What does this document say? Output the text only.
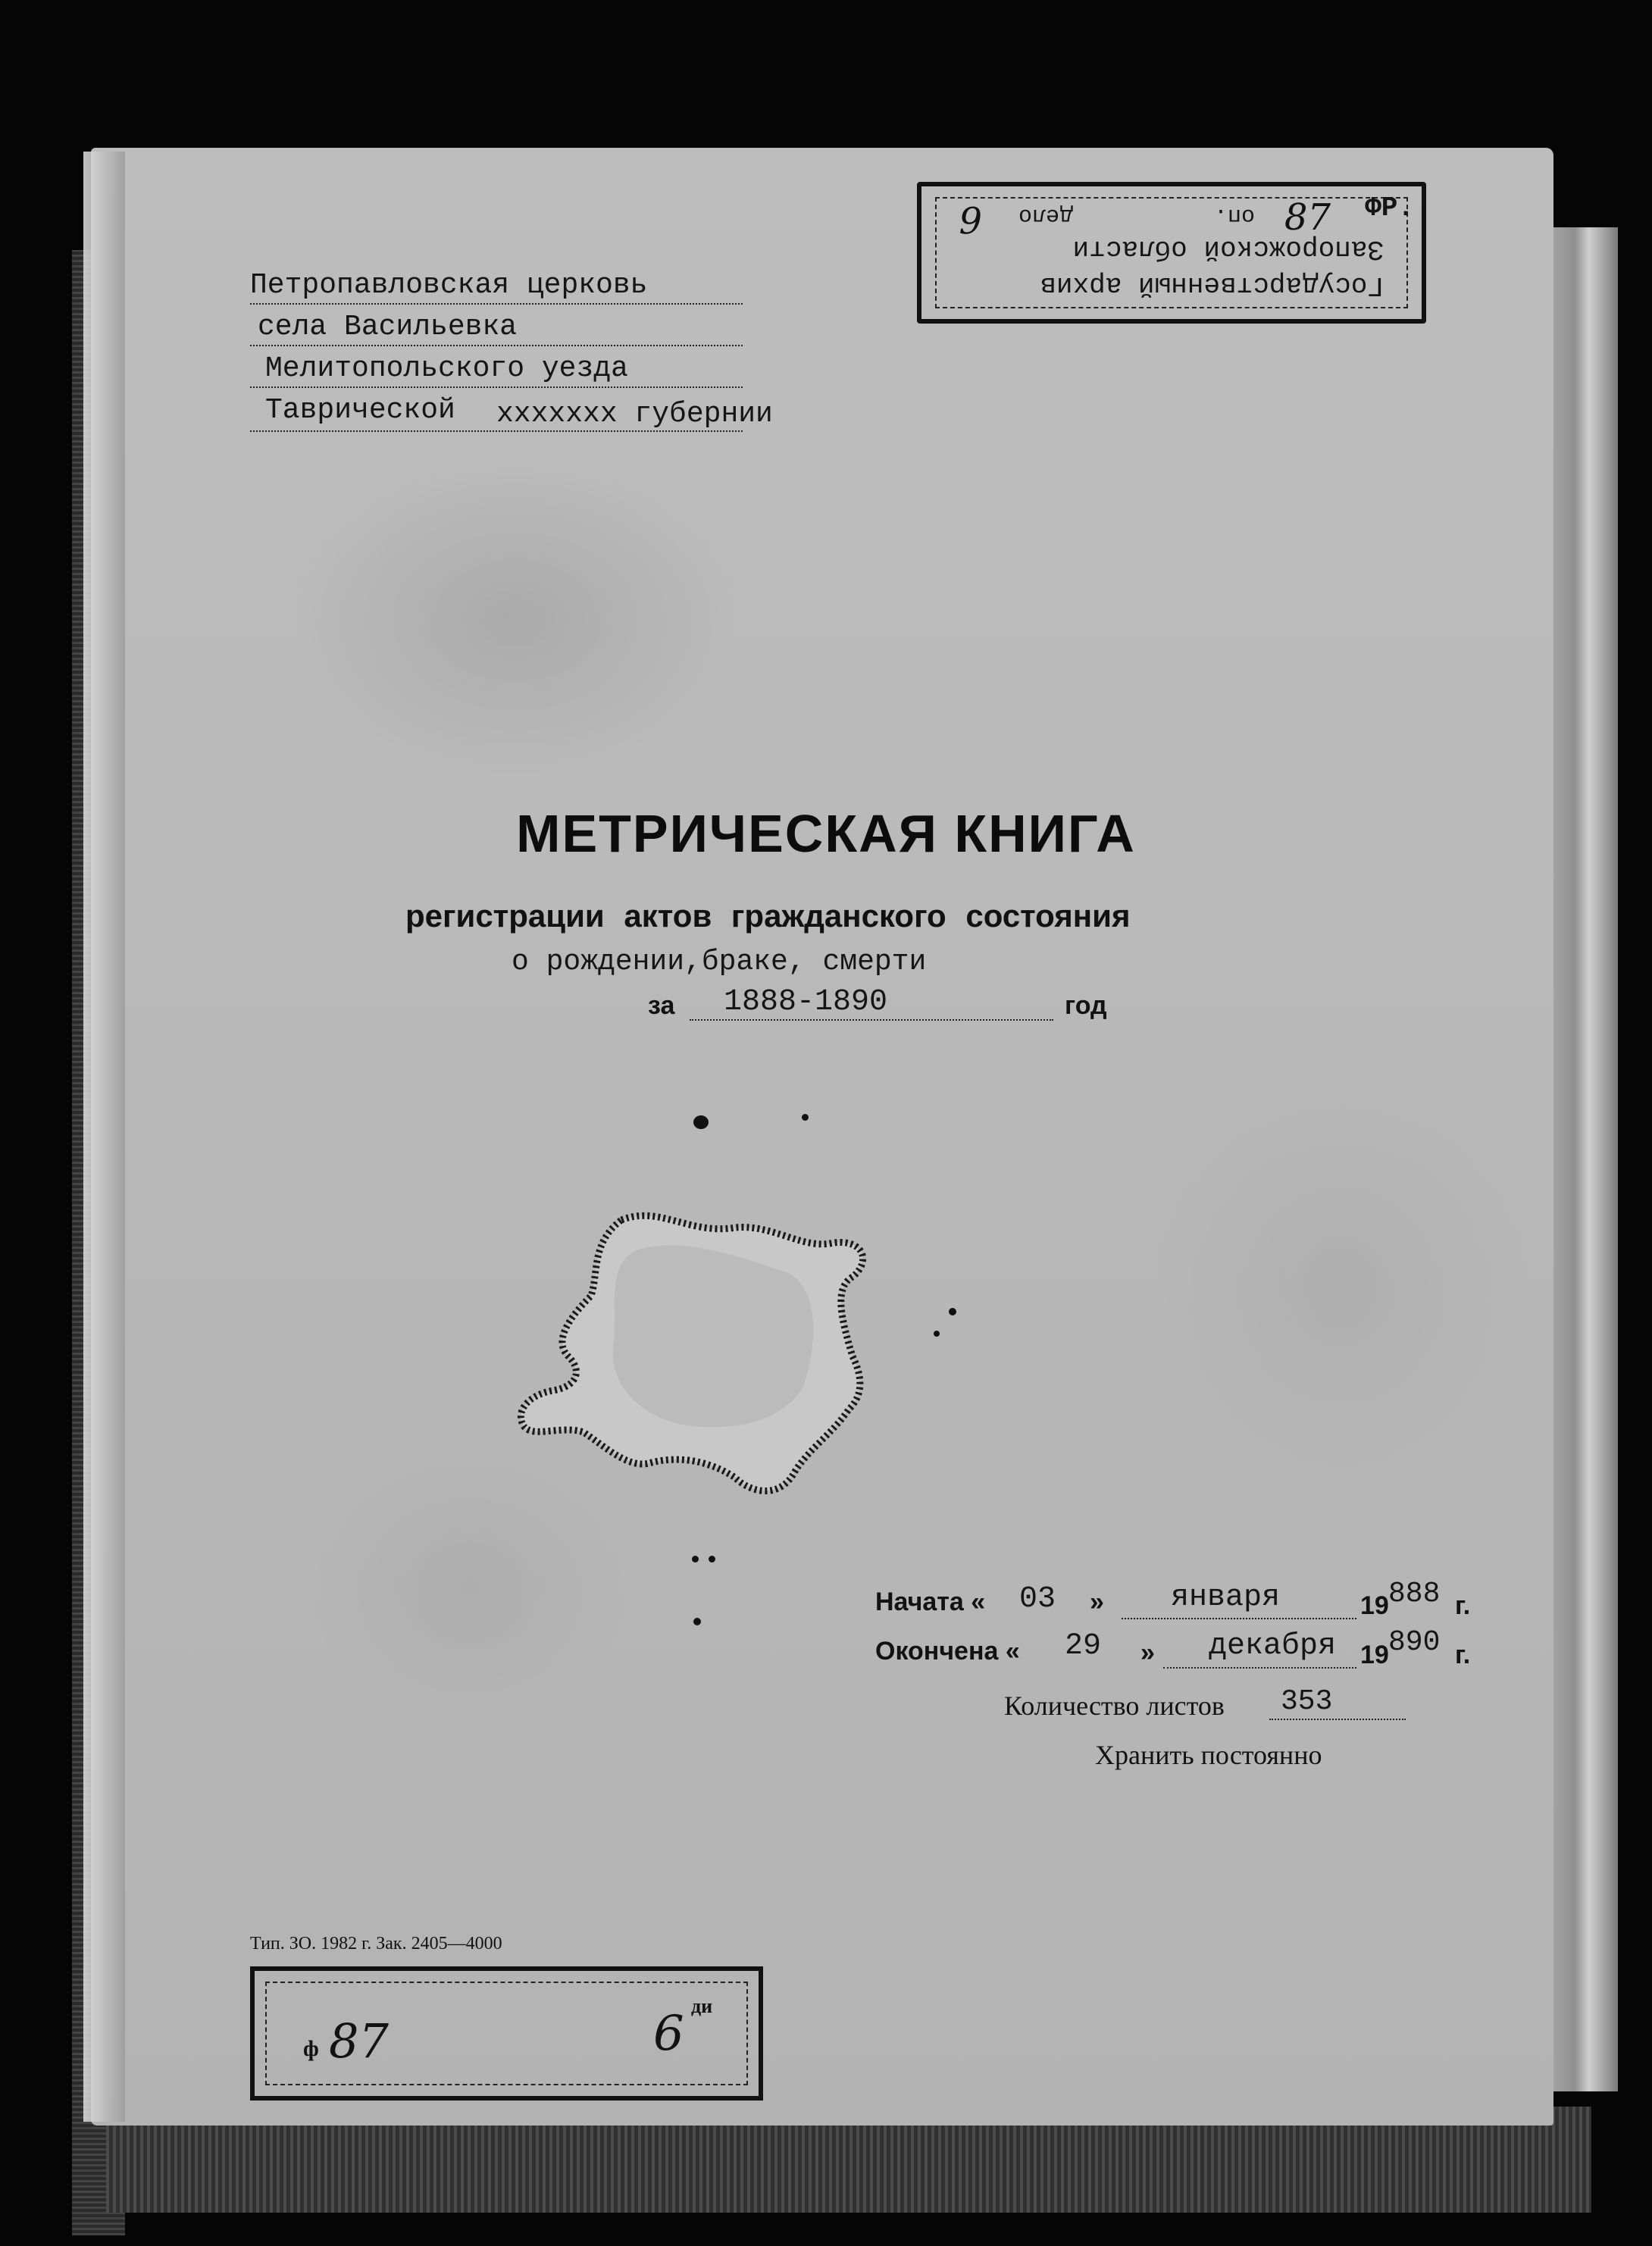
Государственный архив
Запорожской области
оп.
дело	ФР.
87
6
Петропавловская церковь
села Васильевка
Мелитопольского уезда
Таврической xxxxxxx губернии
МЕТРИЧЕСКАЯ КНИГА
регистрации актов гражданского состояния
о рождении,браке, смерти
за 1888-1890	год
Начата « 03 » января	19 888 г.
Окончена « 29 » декабря 19 890 г.
Количество листов 353
Хранить постоянно
Тип. ЗО. 1982 г. Зак. 2405—4000
ф 87
ди
6
